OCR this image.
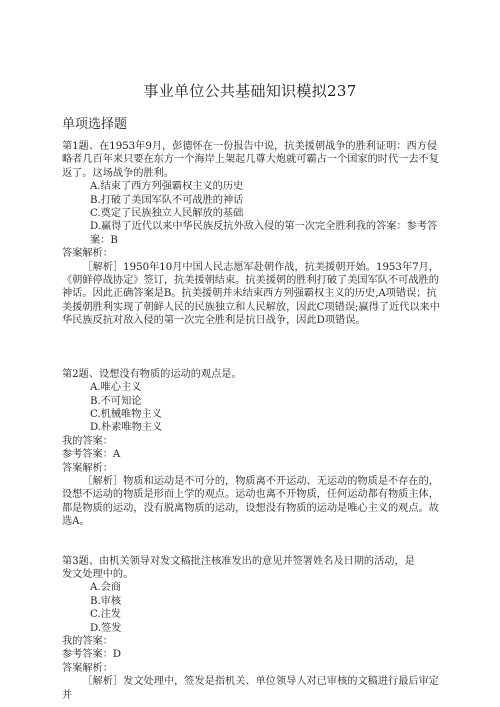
事业单位公共基础知识模拟237
单项选择题

第1题、在1953年9月，彭德怀在一份报告中说，抗美援朝战争的胜利证明：西方侵略者几百年来只要在东方一个海岸上架起几尊大炮就可霸占一个国家的时代一去不复返了。这场战争的胜利。

A.结束了西方列强霸权主义的历史

B.打破了美国军队不可战胜的神话

C.奠定了民族独立人民解放的基础

D.赢得了近代以来中华民族反抗外敌入侵的第一次完全胜利我的答案：参考答案：B

答案解析：

［解析］1950年10月中国人民志愿军赴朝作战，抗美援朝开始。1953年7月，《朝鲜停战协定》签订，抗美援朝结束。抗美援朝的胜利打破了美国军队不可战胜的神话。因此正确答案是B。抗美援朝并未结束西方列强霸权主义的历史,A项错误；抗美援朝胜利实现了朝鲜人民的民族独立和人民解放，因此C项错误;赢得了近代以来中华民族反抗对敌入侵的第一次完全胜利是抗日战争，因此D项错误。

第2题、设想没有物质的运动的观点是。

A.唯心主义

B.不可知论

C.机械唯物主义

D.朴素唯物主义

我的答案：

参考答案：A

答案解析：

［解析］物质和运动是不可分的，物质离不开运动、无运动的物质是不存在的，设想不运动的物质是形而上学的观点。运动也离不开物质，任何运动都有物质主体，都是物质的运动，没有脱离物质的运动，设想没有物质的运动是唯心主义的观点。故选A。

第3题、由机关领导对发文稿批注核准发出的意见并签署姓名及日期的活动，是

发文处理中的。

A.会商

B.审核

C.注发

D.签发

我的答案：

参考答案：D

答案解析：

［解析］发文处理中，签发是指机关、单位领导人对已审核的文稿进行最后审定并
